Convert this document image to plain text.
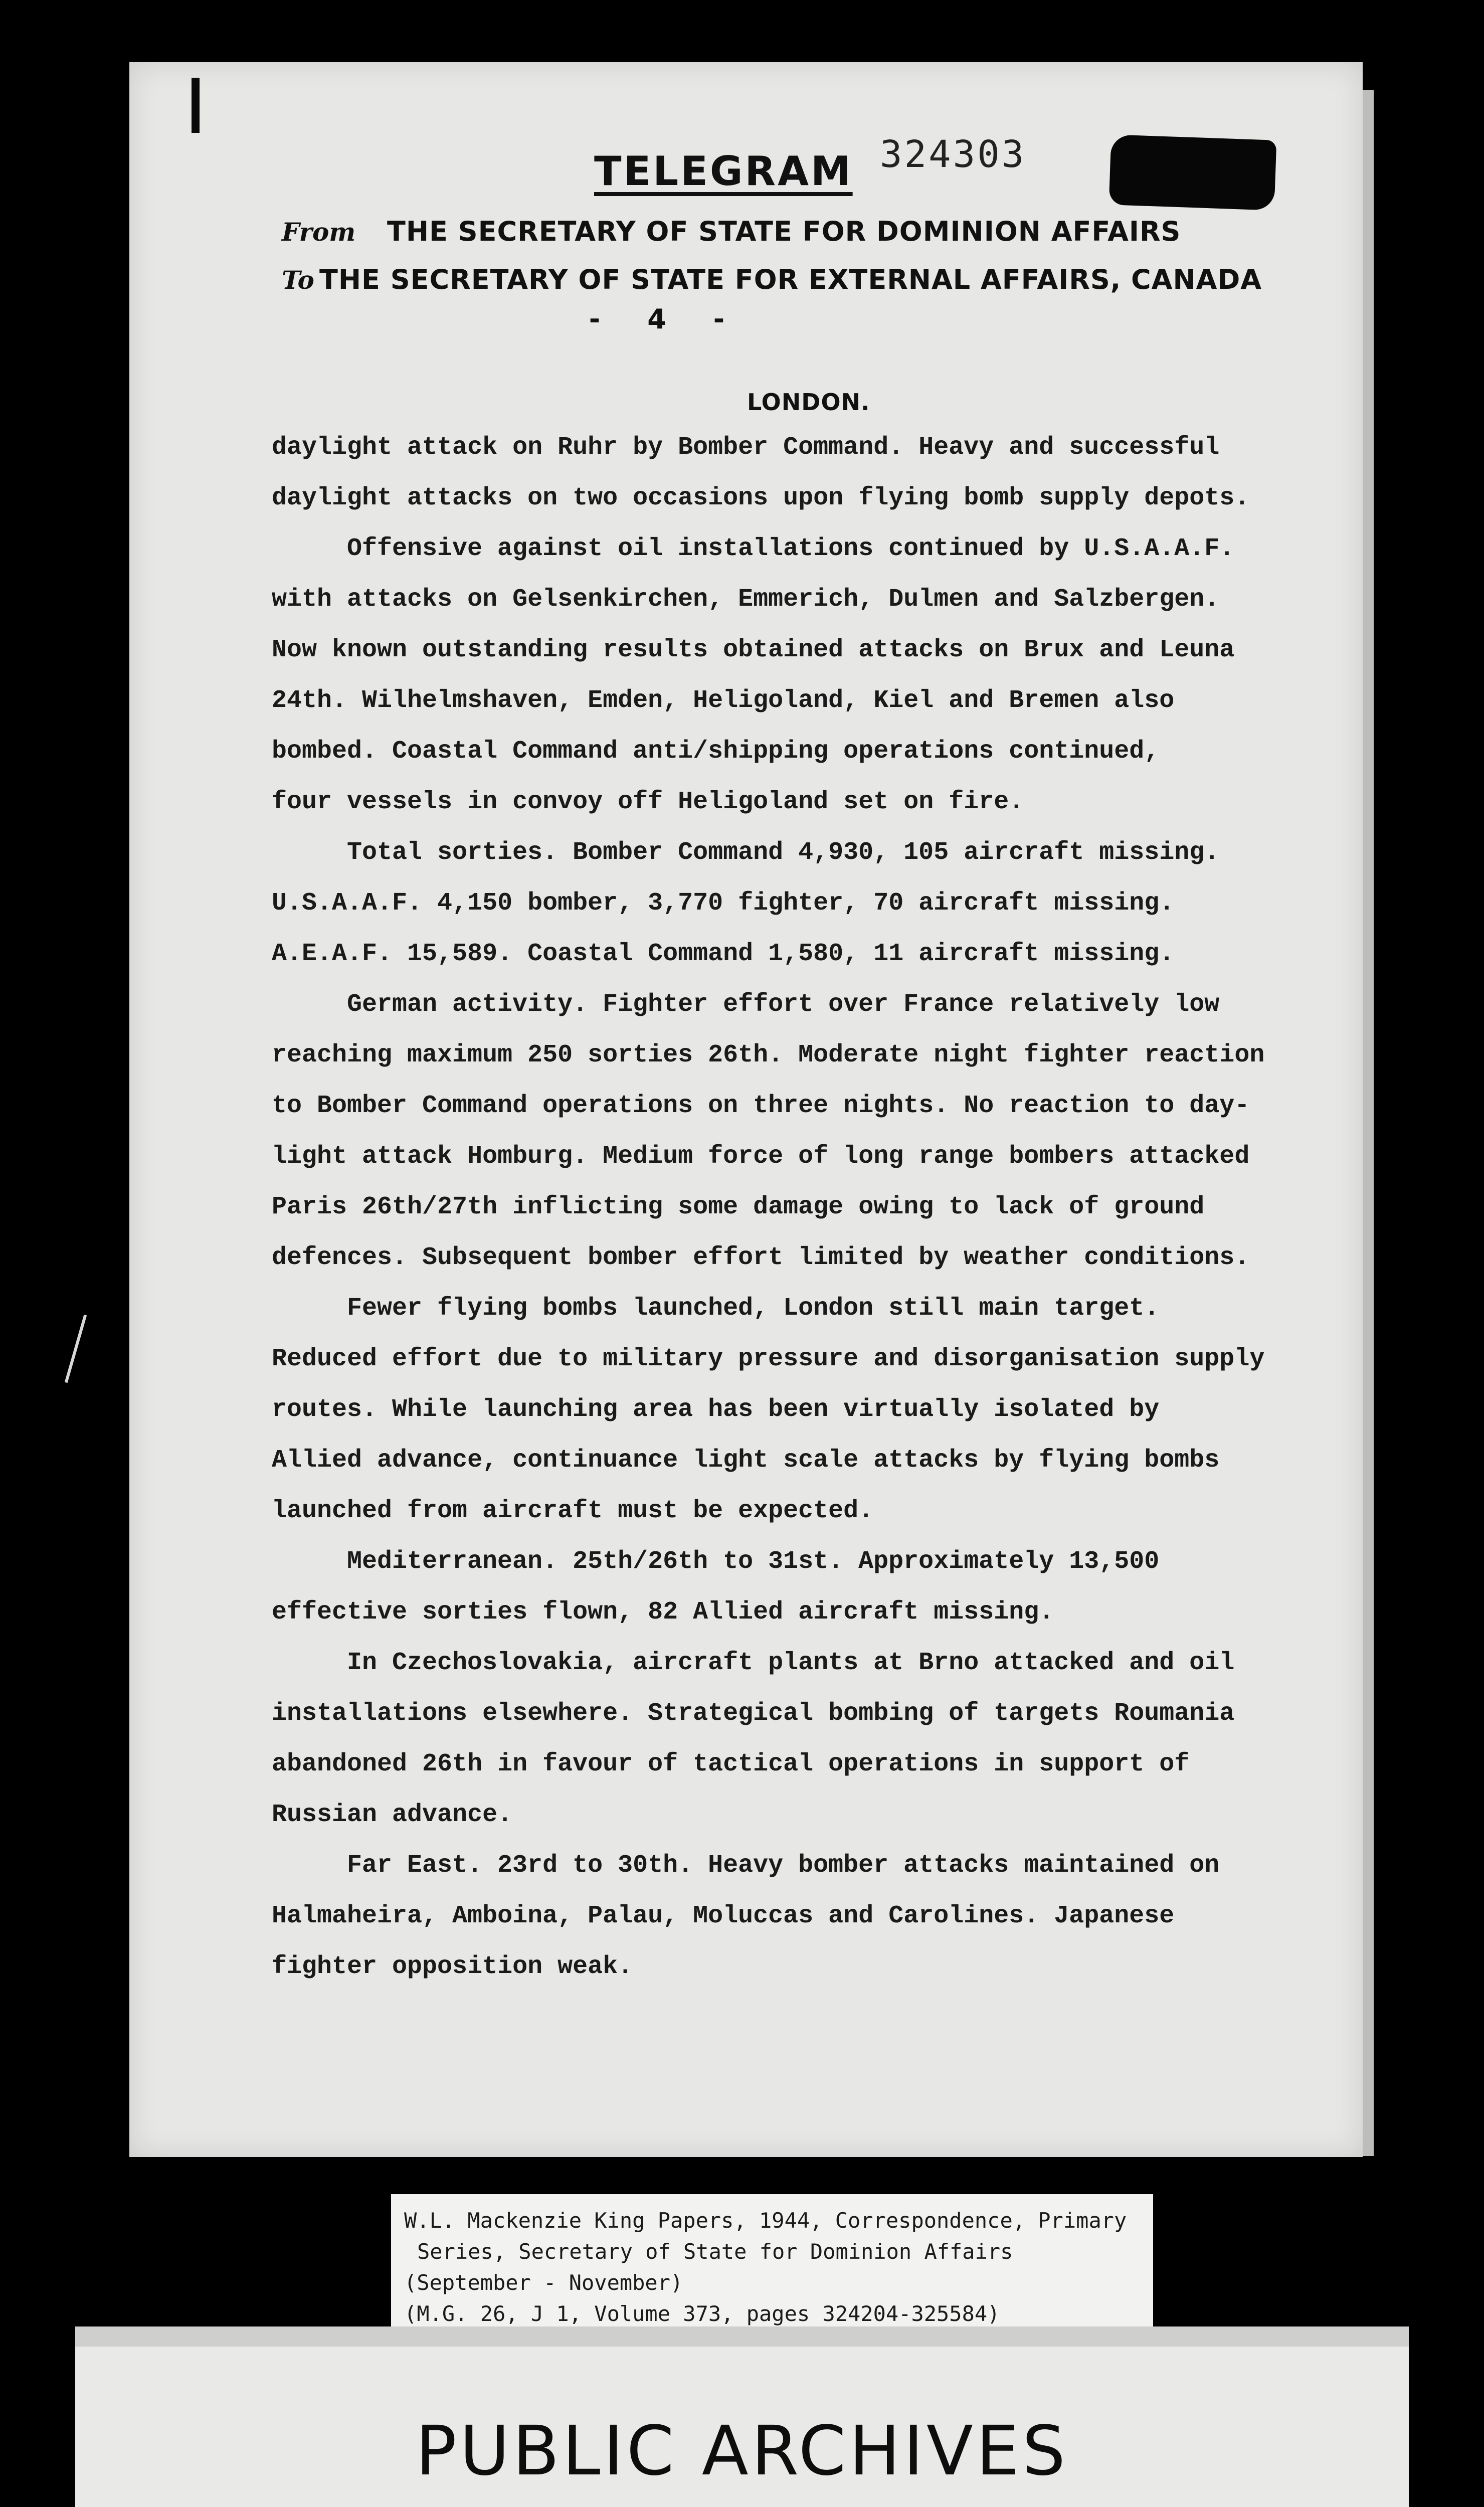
324303
TELEGRAM
From THE SECRETARY OF STATE FOR DOMINION AFFAIRS
To THE SECRETARY OF STATE FOR EXTERNAL AFFAIRS, CANADA
-     4     -
LONDON.
daylight attack on Ruhr by Bomber Command. Heavy and successful
daylight attacks on two occasions upon flying bomb supply depots.
Offensive against oil installations continued by U.S.A.A.F.
with attacks on Gelsenkirchen, Emmerich, Dulmen and Salzbergen.
Now known outstanding results obtained attacks on Brux and Leuna
24th. Wilhelmshaven, Emden, Heligoland, Kiel and Bremen also
bombed. Coastal Command anti/shipping operations continued,
four vessels in convoy off Heligoland set on fire.
Total sorties. Bomber Command 4,930, 105 aircraft missing.
U.S.A.A.F. 4,150 bomber, 3,770 fighter, 70 aircraft missing.
A.E.A.F. 15,589. Coastal Command 1,580, 11 aircraft missing.
German activity. Fighter effort over France relatively low
reaching maximum 250 sorties 26th. Moderate night fighter reaction
to Bomber Command operations on three nights. No reaction to day-
light attack Homburg. Medium force of long range bombers attacked
Paris 26th/27th inflicting some damage owing to lack of ground
defences. Subsequent bomber effort limited by weather conditions.
Fewer flying bombs launched, London still main target.
Reduced effort due to military pressure and disorganisation supply
routes. While launching area has been virtually isolated by
Allied advance, continuance light scale attacks by flying bombs
launched from aircraft must be expected.
Mediterranean. 25th/26th to 31st. Approximately 13,500
effective sorties flown, 82 Allied aircraft missing.
In Czechoslovakia, aircraft plants at Brno attacked and oil
installations elsewhere. Strategical bombing of targets Roumania
abandoned 26th in favour of tactical operations in support of
Russian advance.
Far East. 23rd to 30th. Heavy bomber attacks maintained on
Halmaheira, Amboina, Palau, Moluccas and Carolines. Japanese
fighter opposition weak.
W.L. Mackenzie King Papers, 1944, Correspondence, Primary
Series, Secretary of State for Dominion Affairs
(September - November)
(M.G. 26, J 1, Volume 373, pages 324204-325584)
PUBLIC ARCHIVES
